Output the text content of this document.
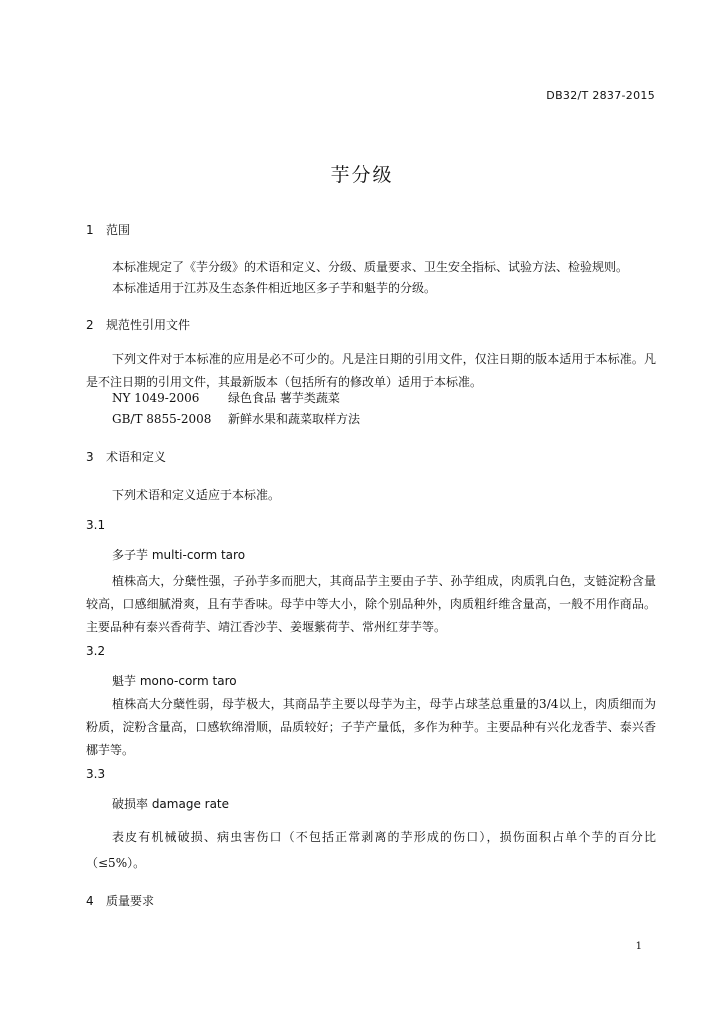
DB32/T 2837-2015
芋分级
1 范围
本标准规定了《芋分级》的术语和定义、分级、质量要求、卫生安全指标、试验方法、检验规则。
本标准适用于江苏及生态条件相近地区多子芋和魁芋的分级。
2 规范性引用文件
下列文件对于本标准的应用是必不可少的。凡是注日期的引用文件，仅注日期的版本适用于本标准。凡是不注日期的引用文件，其最新版本（包括所有的修改单）适用于本标准。
NY 1049-2006 绿色食品 薯芋类蔬菜
GB/T 8855-2008 新鲜水果和蔬菜取样方法
3 术语和定义
下列术语和定义适应于本标准。
3.1
多子芋 multi-corm taro
植株高大，分蘖性强，子孙芋多而肥大，其商品芋主要由子芋、孙芋组成，肉质乳白色，支链淀粉含量较高，口感细腻滑爽，且有芋香味。母芋中等大小，除个别品种外，肉质粗纤维含量高，一般不用作商品。主要品种有泰兴香荷芋、靖江香沙芋、姜堰紫荷芋、常州红芽芋等。
3.2
魁芋 mono-corm taro
植株高大分蘖性弱，母芋极大，其商品芋主要以母芋为主，母芋占球茎总重量的3/4以上，肉质细而为粉质，淀粉含量高，口感软绵滑顺，品质较好；子芋产量低，多作为种芋。主要品种有兴化龙香芋、泰兴香梛芋等。
3.3
破损率 damage rate
表皮有机械破损、病虫害伤口（不包括正常剥离的芋形成的伤口），损伤面积占单个芋的百分比（≤5%）。
4 质量要求
1
